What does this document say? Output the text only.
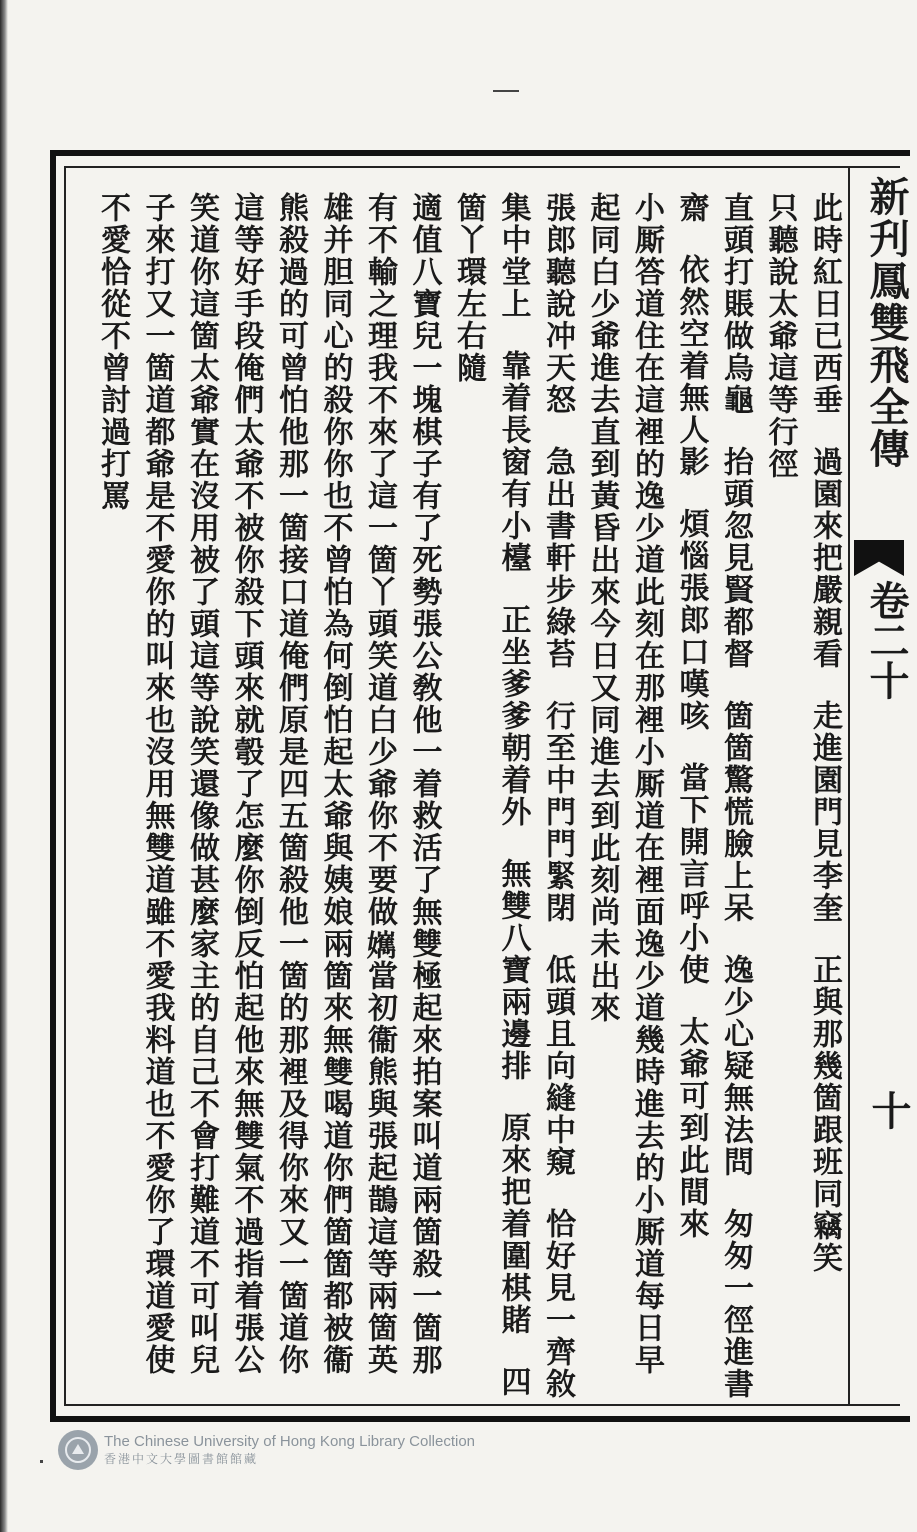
新刋鳳雙飛全傳
卷二十
十
此時紅日已西垂過園來把嚴親看走進園門見李奎正與那幾箇跟班同竊笑
只聽說太爺這等行徑
直頭打賬做烏龜抬頭忽見賢都督箇箇驚慌臉上呆逸少心疑無法問匆匆一徑進書
齋依然空着無人影煩惱張郎口嘆咳當下開言呼小使太爺可到此間來
小厮答道住在這裡的逸少道此刻在那裡小厮道在裡面逸少道幾時進去的小厮道每日早
起同白少爺進去直到黃昏出來今日又同進去到此刻尚未出來
張郎聽說冲天怒急出書軒步綠苔行至中門門緊閉低頭且向縫中窺恰好見一齊敘
集中堂上靠着長窗有小檯正坐爹爹朝着外無雙八寶兩邊排原來把着圍棋賭四
箇丫環左右隨
適值八寶兒一塊棋子有了死勢張公敎他一着救活了無雙極起來拍案叫道兩箇殺一箇那
有不輸之理我不來了這一箇丫頭笑道白少爺你不要做𡣸當初衞熊與張起鵲這等兩箇英
雄并胆同心的殺你你也不曾怕為何倒怕起太爺與姨娘兩箇來無雙喝道你們箇箇都被衞
熊殺過的可曾怕他那一箇接口道俺們原是四五箇殺他一箇的那裡及得你來又一箇道你
這等好手段俺們太爺不被你殺下頭來就彀了怎麼你倒反怕起他來無雙氣不過指着張公
笑道你這箇太爺實在沒用被了頭這等說笑還像做甚麼家主的自己不會打難道不可叫兒
子來打又一箇道都爺是不愛你的叫來也沒用無雙道雖不愛我料道也不愛你了環道愛使
不愛恰從不曾討過打罵
The Chinese University of Hong Kong Library Collection
香港中文大學圖書館館藏
